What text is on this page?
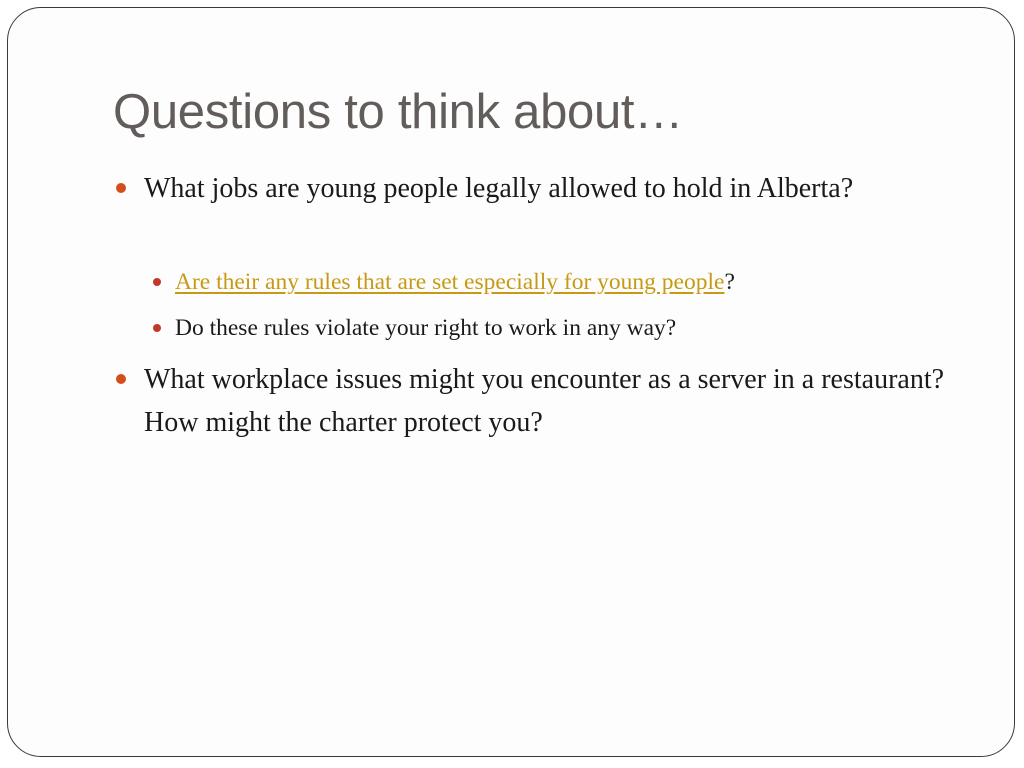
Questions to think about…

What jobs are young people legally allowed to hold in Alberta?

Are their any rules that are set especially for young people?

Do these rules violate your right to work in any way?

What workplace issues might you encounter as a server in a restaurant? How might the charter protect you?
